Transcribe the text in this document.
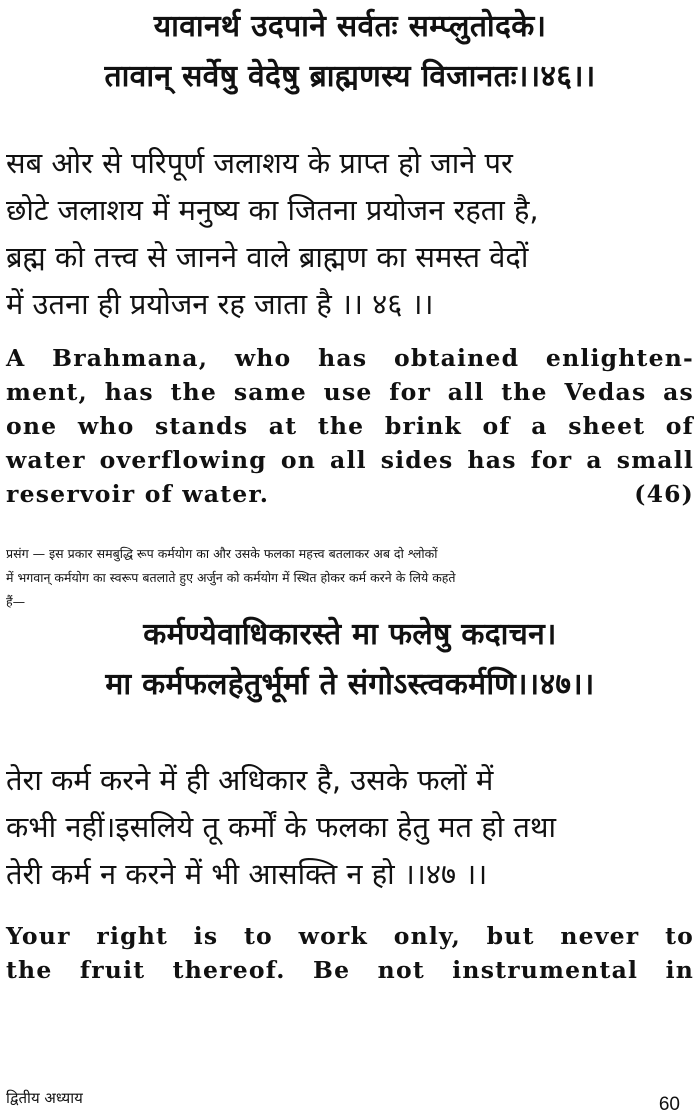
यावानर्थ उदपाने सर्वतः सम्प्लुतोदके।
तावान् सर्वेषु वेदेषु ब्राह्मणस्य विजानतः।।४६।।
सब ओर से परिपूर्ण जलाशय के प्राप्त हो जाने पर
छोटे जलाशय में मनुष्य का जितना प्रयोजन रहता है,
ब्रह्म को तत्त्व से जानने वाले ब्राह्मण का समस्त वेदों
में उतना ही प्रयोजन रह जाता है ।। ४६ ।।
A Brahmana, who has obtained enlighten-
ment, has the same use for all the Vedas as
one who stands at the brink of a sheet of
water overflowing on all sides has for a small
reservoir of water.	(46)
प्रसंग — इस प्रकार समबुद्धि रूप कर्मयोग का और उसके फलका महत्त्व बतलाकर अब दो श्लोकों
में भगवान् कर्मयोग का स्वरूप बतलाते हुए अर्जुन को कर्मयोग में स्थित होकर कर्म करने के लिये कहते
हैं—
कर्मण्येवाधिकारस्ते मा फलेषु कदाचन।
मा कर्मफलहेतुर्भूर्मा ते संगोऽस्त्वकर्मणि।।४७।।
तेरा कर्म करने में ही अधिकार है, उसके फलों में
कभी नहीं।इसलिये तू कर्मों के फलका हेतु मत हो तथा
तेरी कर्म न करने में भी आसक्ति न हो ।।४७ ।।
Your right is to work only, but never to
the fruit thereof. Be not instrumental in
द्वितीय अध्याय	60
